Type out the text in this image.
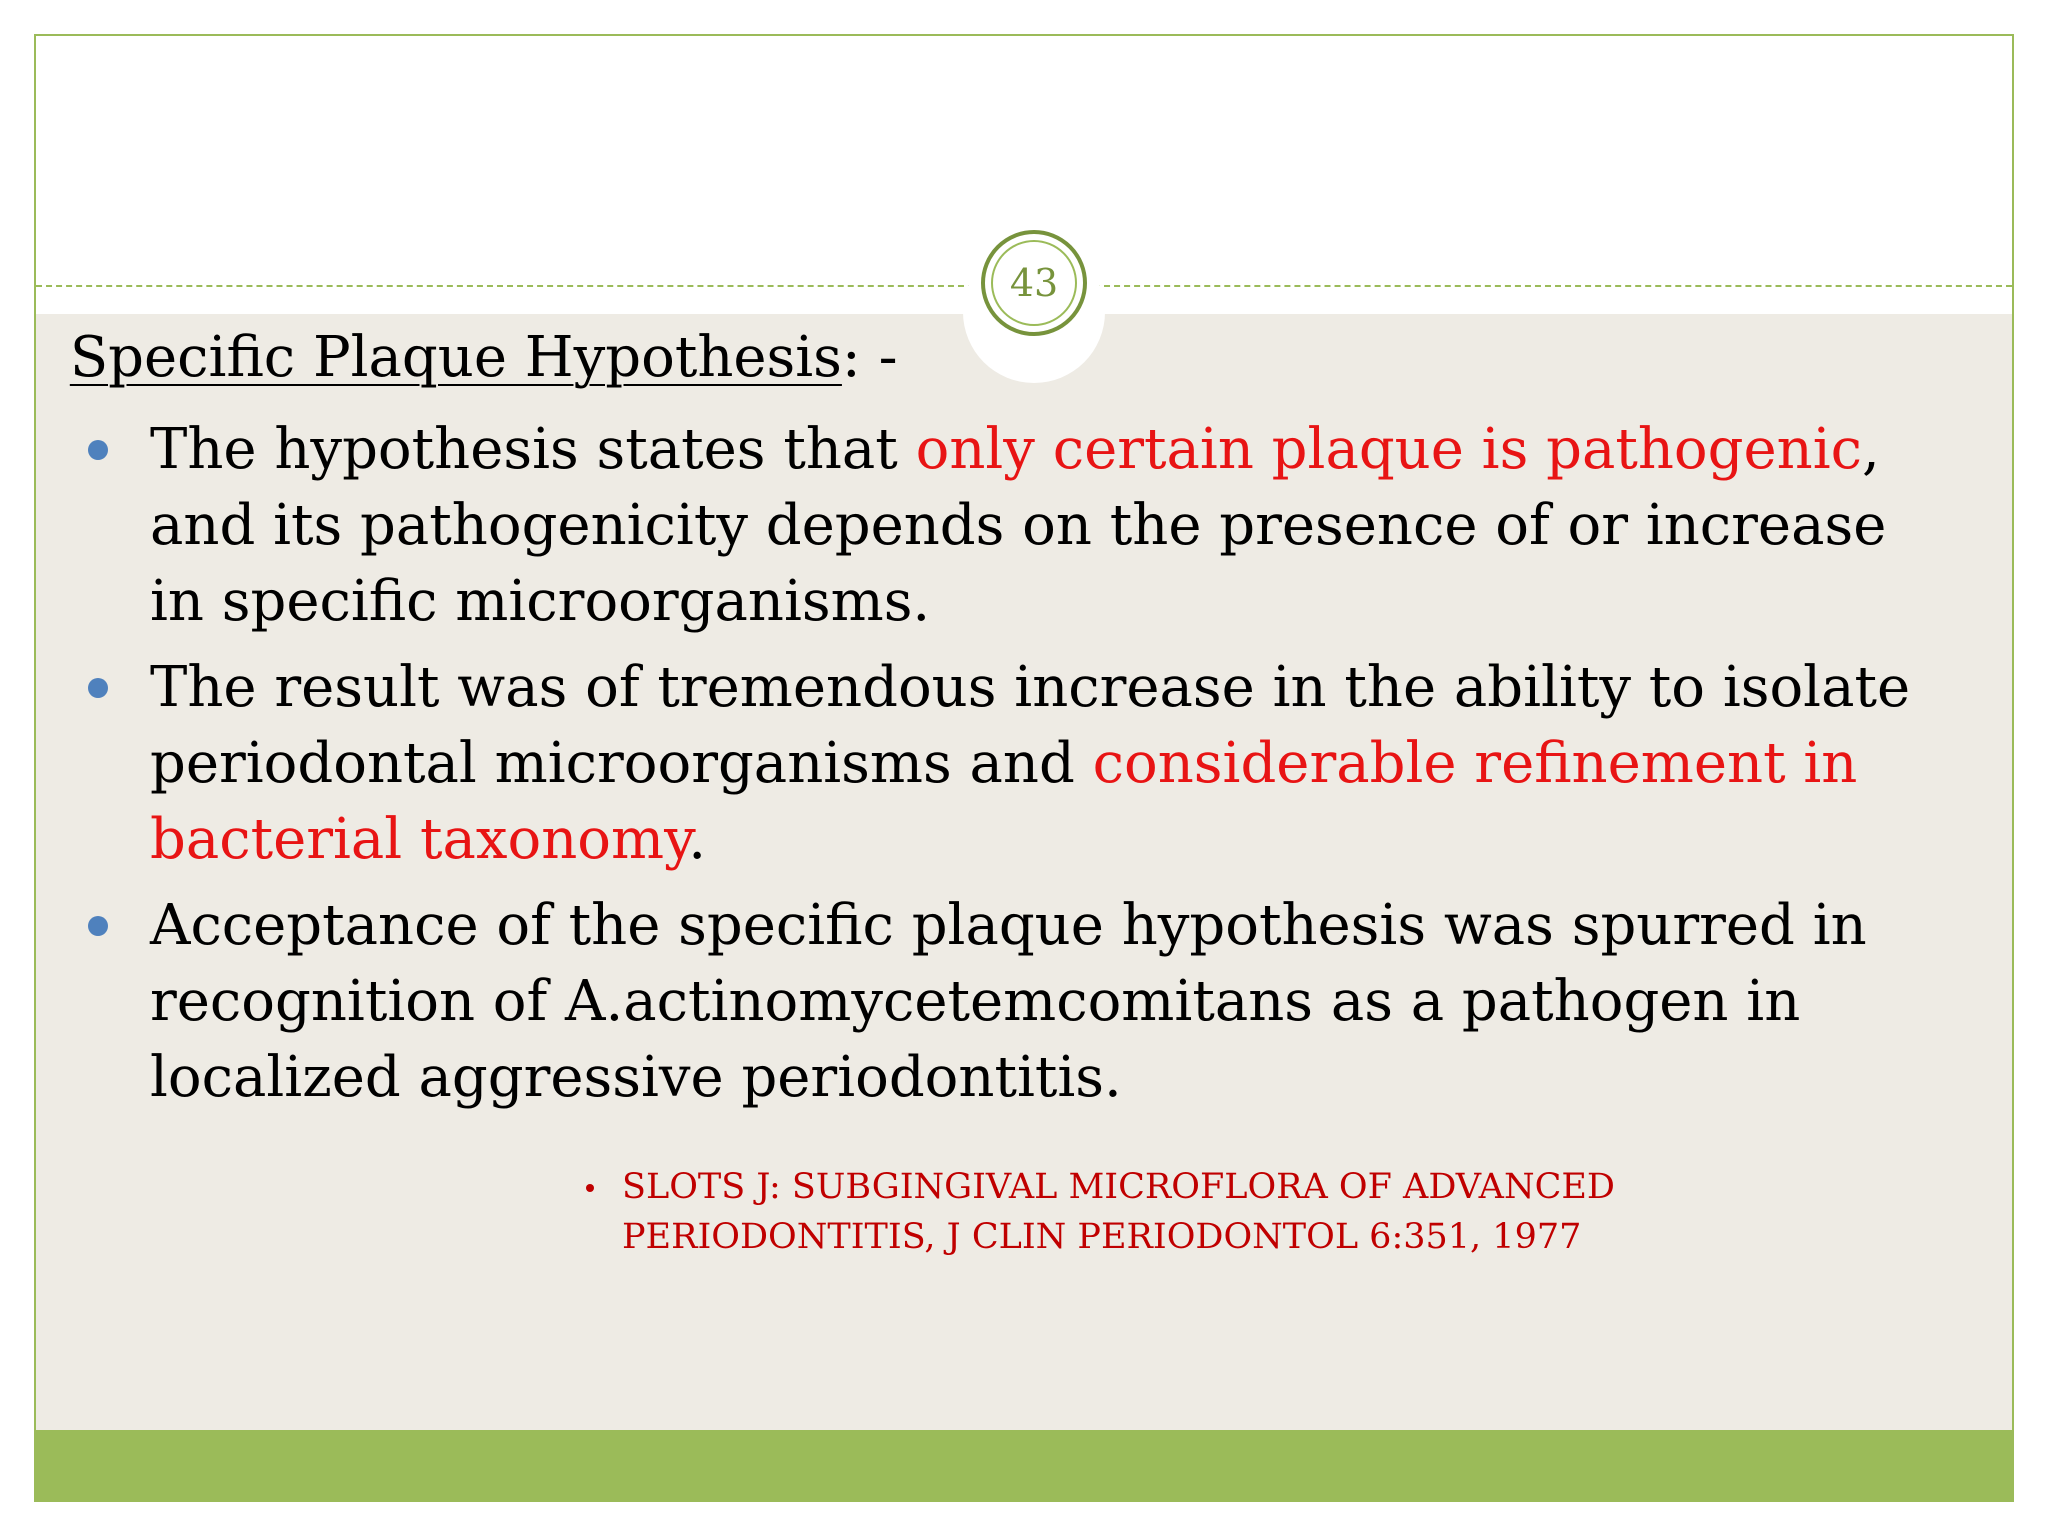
43
Specific Plaque Hypothesis: -
The hypothesis states that only certain plaque is pathogenic, and its pathogenicity depends on the presence of or increase in specific microorganisms.
The result was of tremendous increase in the ability to isolate periodontal microorganisms and considerable refinement in bacterial taxonomy.
Acceptance of the specific plaque hypothesis was spurred in recognition of A.actinomycetemcomitans as a pathogen in localized aggressive periodontitis.
SLOTS J: SUBGINGIVAL MICROFLORA OF ADVANCED
PERIODONTITIS, J CLIN PERIODONTOL 6:351, 1977
